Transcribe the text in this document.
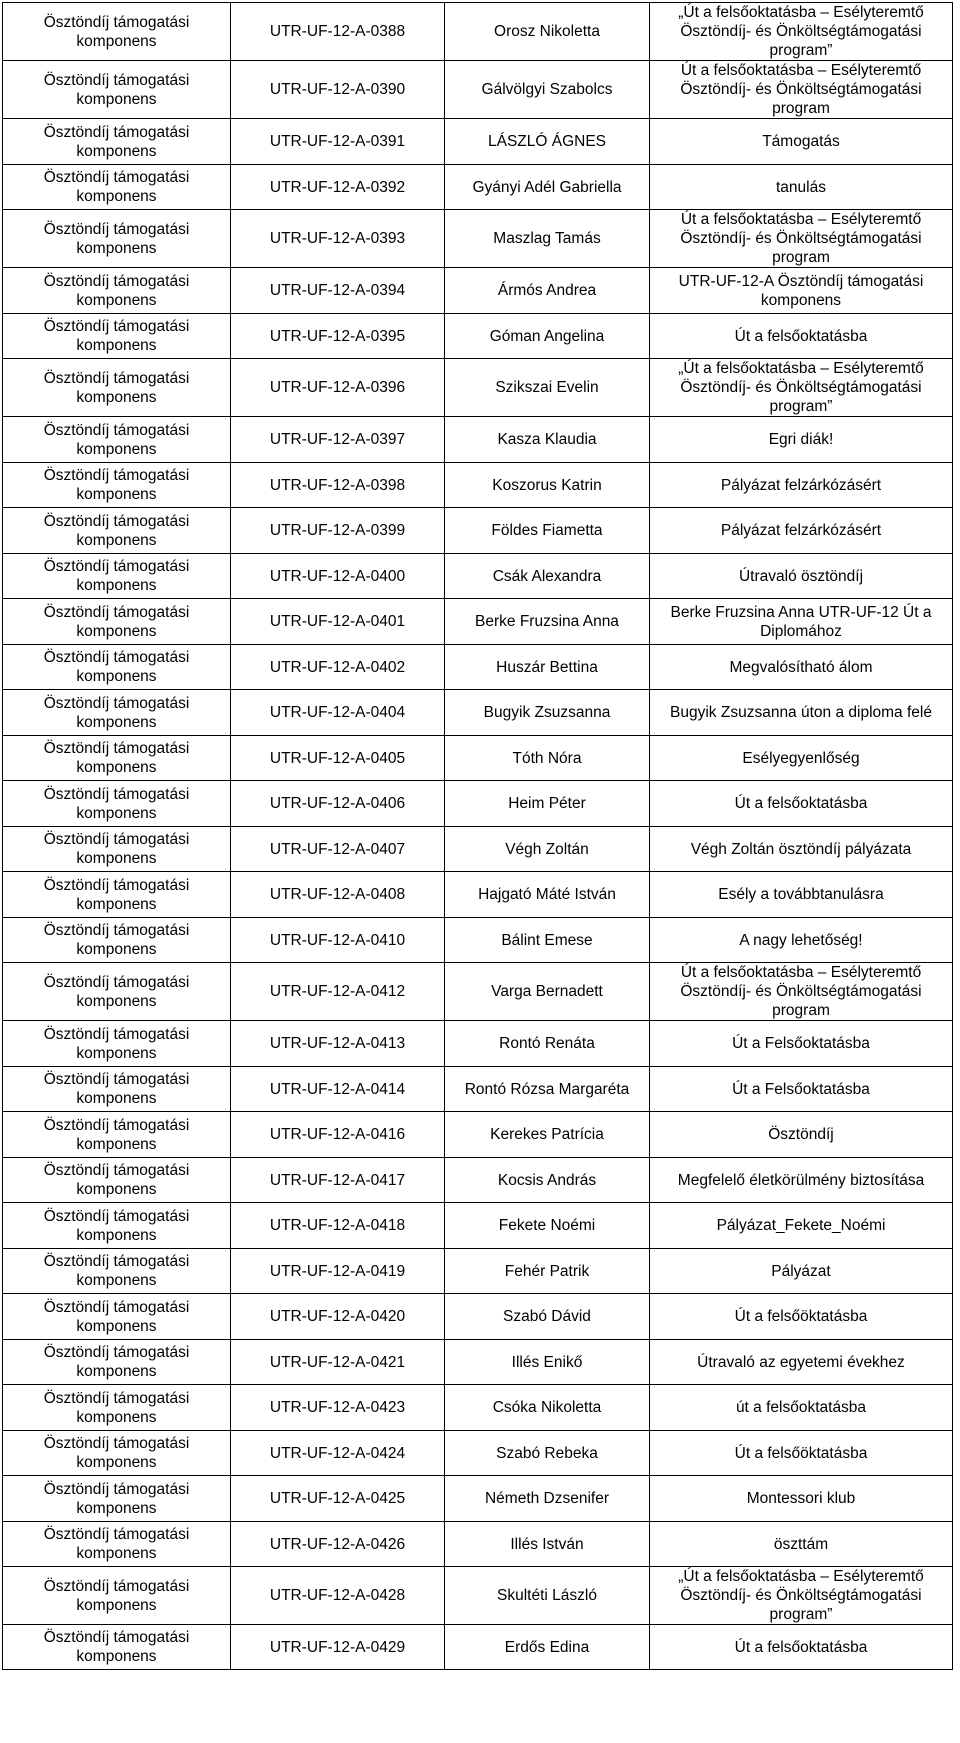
Ösztöndíj támogatási komponens	UTR-UF-12-A-0388	Orosz Nikoletta	„Út a felsőoktatásba – Esélyteremtő Ösztöndíj- és Önköltségtámogatási program”
Ösztöndíj támogatási komponens	UTR-UF-12-A-0390	Gálvölgyi Szabolcs	Út a felsőoktatásba – Esélyteremtő Ösztöndíj- és Önköltségtámogatási program
Ösztöndíj támogatási komponens	UTR-UF-12-A-0391	LÁSZLÓ ÁGNES	Támogatás
Ösztöndíj támogatási komponens	UTR-UF-12-A-0392	Gyányi Adél Gabriella	tanulás
Ösztöndíj támogatási komponens	UTR-UF-12-A-0393	Maszlag Tamás	Út a felsőoktatásba – Esélyteremtő Ösztöndíj- és Önköltségtámogatási program
Ösztöndíj támogatási komponens	UTR-UF-12-A-0394	Ármós Andrea	UTR-UF-12-A Ösztöndíj támogatási komponens
Ösztöndíj támogatási komponens	UTR-UF-12-A-0395	Góman Angelina	Út a felsőoktatásba
Ösztöndíj támogatási komponens	UTR-UF-12-A-0396	Szikszai Evelin	„Út a felsőoktatásba – Esélyteremtő Ösztöndíj- és Önköltségtámogatási program”
Ösztöndíj támogatási komponens	UTR-UF-12-A-0397	Kasza Klaudia	Egri diák!
Ösztöndíj támogatási komponens	UTR-UF-12-A-0398	Koszorus Katrin	Pályázat felzárkózásért
Ösztöndíj támogatási komponens	UTR-UF-12-A-0399	Földes Fiametta	Pályázat felzárkózásért
Ösztöndíj támogatási komponens	UTR-UF-12-A-0400	Csák Alexandra	Útravaló ösztöndíj
Ösztöndíj támogatási komponens	UTR-UF-12-A-0401	Berke Fruzsina Anna	Berke Fruzsina Anna UTR-UF-12 Út a Diplomához
Ösztöndíj támogatási komponens	UTR-UF-12-A-0402	Huszár Bettina	Megvalósítható álom
Ösztöndíj támogatási komponens	UTR-UF-12-A-0404	Bugyik Zsuzsanna	Bugyik Zsuzsanna úton a diploma felé
Ösztöndíj támogatási komponens	UTR-UF-12-A-0405	Tóth Nóra	Esélyegyenlőség
Ösztöndíj támogatási komponens	UTR-UF-12-A-0406	Heim Péter	Út a felsőoktatásba
Ösztöndíj támogatási komponens	UTR-UF-12-A-0407	Végh Zoltán	Végh Zoltán ösztöndíj pályázata
Ösztöndíj támogatási komponens	UTR-UF-12-A-0408	Hajgató Máté István	Esély a továbbtanulásra
Ösztöndíj támogatási komponens	UTR-UF-12-A-0410	Bálint Emese	A nagy lehetőség!
Ösztöndíj támogatási komponens	UTR-UF-12-A-0412	Varga Bernadett	Út a felsőoktatásba – Esélyteremtő Ösztöndíj- és Önköltségtámogatási program
Ösztöndíj támogatási komponens	UTR-UF-12-A-0413	Rontó Renáta	Út a Felsőoktatásba
Ösztöndíj támogatási komponens	UTR-UF-12-A-0414	Rontó Rózsa Margaréta	Út a Felsőoktatásba
Ösztöndíj támogatási komponens	UTR-UF-12-A-0416	Kerekes Patrícia	Ösztöndíj
Ösztöndíj támogatási komponens	UTR-UF-12-A-0417	Kocsis András	Megfelelő életkörülmény biztosítása
Ösztöndíj támogatási komponens	UTR-UF-12-A-0418	Fekete Noémi	Pályázat_Fekete_Noémi
Ösztöndíj támogatási komponens	UTR-UF-12-A-0419	Fehér Patrik	Pályázat
Ösztöndíj támogatási komponens	UTR-UF-12-A-0420	Szabó Dávid	Út a felsőöktatásba
Ösztöndíj támogatási komponens	UTR-UF-12-A-0421	Illés Enikő	Útravaló az egyetemi évekhez
Ösztöndíj támogatási komponens	UTR-UF-12-A-0423	Csóka Nikoletta	út a felsőoktatásba
Ösztöndíj támogatási komponens	UTR-UF-12-A-0424	Szabó Rebeka	Út a felsőöktatásba
Ösztöndíj támogatási komponens	UTR-UF-12-A-0425	Németh Dzsenifer	Montessori klub
Ösztöndíj támogatási komponens	UTR-UF-12-A-0426	Illés István	öszttám
Ösztöndíj támogatási komponens	UTR-UF-12-A-0428	Skultéti László	„Út a felsőoktatásba – Esélyteremtő Ösztöndíj- és Önköltségtámogatási program”
Ösztöndíj támogatási komponens	UTR-UF-12-A-0429	Erdős Edina	Út a felsőoktatásba
